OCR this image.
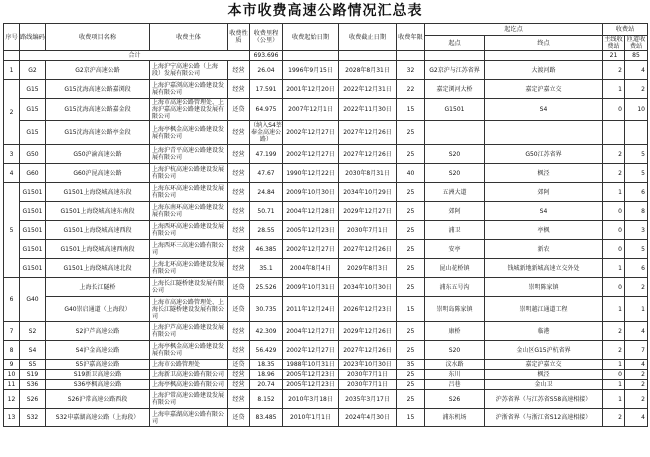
本市收费高速公路情况汇总表
序号	路线编码	收费项目名称	收费主体	收费性质	收费里程（公里）	收费起始日期	收费截止日期	收费年限	起讫点		收费站	
									起点	终点	主线收费站	匝道收费站
	合计				693.696						21	85
1	G2	G2京沪高速公路	上海沪宁高速公路（上海段）发展有限公司	经营	26.04	1996年9月15日	2028年8月31日	32	G2京沪与江苏省界	大渡河路	2	4
2	G15	G15沈海高速公路嘉浏段	上海沪嘉浏高速公路建设发展有限公司	经营	17.591	2001年12月20日	2022年12月31日	22	嘉定浏河大桥	嘉定沪嘉立交	1	2
	G15	G15沈海高速公路嘉金段	上海市高速公路管理处、上海沪嘉高速公路建设发展有限公司	还贷	64.975	2007年12月1日	2022年11月30日	15	G1501	S4	0	10
	G15	G15沈海高速公路亭金段	上海亭枫金高速公路建设发展有限公司	经营	（纳入S4莘奉金高速公路）	2002年12月27日	2027年12月26日	25				
3	G50	G50沪渝高速公路	上海沪青平高速公路建设发展有限公司	经营	47.199	2002年12月27日	2027年12月26日	25	S20	G50江苏省界	2	5
4	G60	G60沪昆高速公路	上海沪杭高速公路建设发展有限公司	经营	47.67	1990年12月22日	2030年8月31日	40	S20	枫泾	2	5
5	G1501	G1501上海绕城高速东段	上海东环高速公路建设发展有限公司	经营	24.84	2009年10月30日	2034年10月29日	25	五洲大道	郊阿	1	6
	G1501	G1501上海绕城高速东南段	上海东南环高速公路建设发展有限公司	经营	50.71	2004年12月28日	2029年12月27日	25	郊阿	S4	0	8
	G1501	G1501上海绕城高速西段	上海西环高速公路建设发展有限公司	经营	28.55	2005年12月23日	2030年7月1日	25	浦卫	亭枫	0	3
	G1501	G1501上海绕城高速西南段	上海西环三高速公路有限公司	经营	46.385	2002年12月27日	2027年12月26日	25	安亭	新农	0	5
	G1501	G1501上海绕城高速北段	上海北环高速公路建设发展有限公司	经营	35.1	2004年8月4日	2029年8月3日	25	昆山花桥镇	钱城新地新城高速立交外处	1	6
6	G40	上海长江隧桥	上海长江隧桥建设发展有限公司	还贷	25.526	2009年10月31日	2034年10月30日	25	浦东五号沟	崇明陈家镇	0	2
		G40崇启通道（上海段）	上海市高速公路管理处、上海长江隧桥建设发展有限公司	还贷	30.735	2011年12月24日	2026年12月23日	15	崇明岛陈家镇	崇明越江通道工程	1	1
7	S2	S2沪芦高速公路	上海沪芦高速公路建设发展有限公司	经营	42.309	2004年12月27日	2029年12月26日	25	康桥	临港	2	4
8	S4	S4沪金高速公路	上海亭枫金高速公路建设发展有限公司	经营	56.429	2002年12月27日	2027年12月26日	25	S20	金山区G15沪杭省界	2	7
9	S5	S5沪嘉高速公路	上海市公路管理处	还贷	18.35	1988年10月31日	2023年10月30日	35	汶水路	嘉定沪嘉立交	1	4
10	S19	S19新卫高速公路	上海新卫高速公路有限公司	经营	18.96	2005年12月23日	2030年7月1日	25	东川	枫泾	0	2
11	S36	S36亭枫高速公路	上海亭枫高速公路有限公司	经营	20.74	2005年12月23日	2030年7月1日	25	吕巷	金山卫	1	2
12	S26	S26沪常高速公路西段	上海沪常高速公路建设发展有限公司	经营	8.152	2010年3月18日	2035年3月17日	25	S26	沪苏省界（与江苏省S58高速相接）	1	2
13	S32	S32申嘉湖高速公路（上海段）	上海申嘉湖高速公路有限公司	还贷	83.485	2010年1月1日	2024年4月30日	15	浦东机场	沪浙省界（与浙江省S12高速相接）	2	4
